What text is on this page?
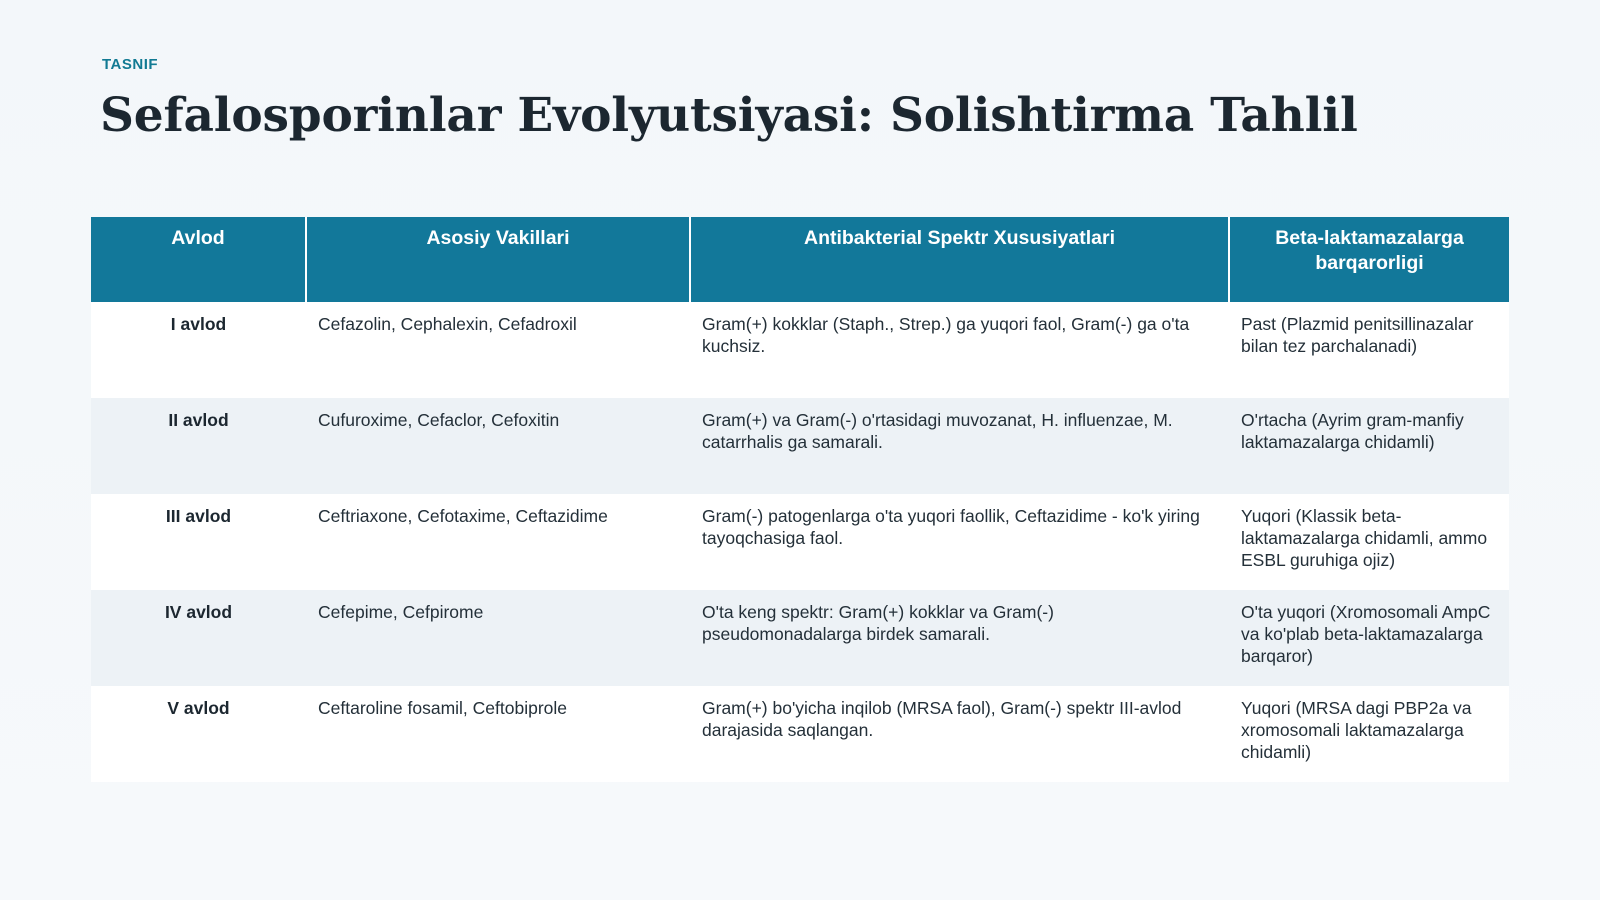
TASNIF
Sefalosporinlar Evolyutsiyasi: Solishtirma Tahlil
Avlod	Asosiy Vakillari	Antibakterial Spektr Xususiyatlari	Beta-laktamazalarga barqarorligi
I avlod	Cefazolin, Cephalexin, Cefadroxil	Gram(+) kokklar (Staph., Strep.) ga yuqori faol, Gram(-) ga o'ta kuchsiz.	Past (Plazmid penitsillinazalar bilan tez parchalanadi)
II avlod	Cufuroxime, Cefaclor, Cefoxitin	Gram(+) va Gram(-) o'rtasidagi muvozanat, H. influenzae, M. catarrhalis ga samarali.	O'rtacha (Ayrim gram-manfiy laktamazalarga chidamli)
III avlod	Ceftriaxone, Cefotaxime, Ceftazidime	Gram(-) patogenlarga o'ta yuqori faollik, Ceftazidime - ko'k yiring tayoqchasiga faol.	Yuqori (Klassik beta-laktamazalarga chidamli, ammo ESBL guruhiga ojiz)
IV avlod	Cefepime, Cefpirome	O'ta keng spektr: Gram(+) kokklar va Gram(-) pseudomonadalarga birdek samarali.	O'ta yuqori (Xromosomali AmpC va ko'plab beta-laktamazalarga barqaror)
V avlod	Ceftaroline fosamil, Ceftobiprole	Gram(+) bo'yicha inqilob (MRSA faol), Gram(-) spektr III-avlod darajasida saqlangan.	Yuqori (MRSA dagi PBP2a va xromosomali laktamazalarga chidamli)
